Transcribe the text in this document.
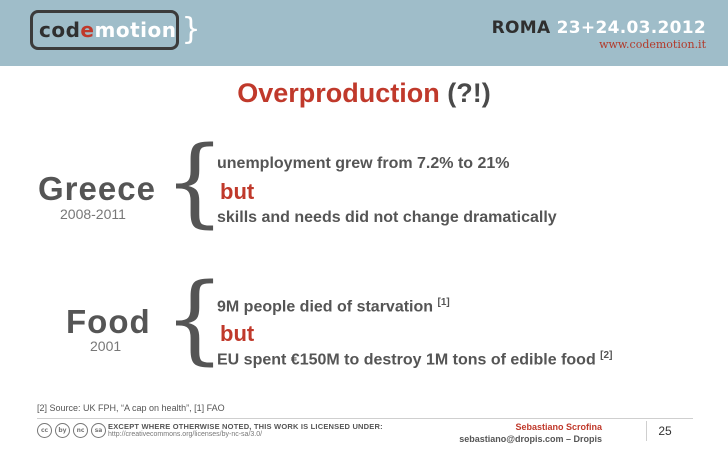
codemotion }	ROMA 23+24.03.2012
www.codemotion.it
Overproduction (?!)
Greece
2008-2011 {
unemployment grew from 7.2% to 21%
but
skills and needs did not change dramatically
Food
2001 {
9M people died of starvation [1]
but
EU spent €150M to destroy 1M tons of edible food [2]
[2] Source: UK FPH, “A cap on health”, [1] FAO
cc	by	nc	sa EXCEPT WHERE OTHERWISE NOTED, THIS WORK IS LICENSED UNDER:
http://creativecommons.org/licenses/by-nc-sa/3.0/
Sebastiano Scrofina
sebastiano@dropis.com – Dropis
25
